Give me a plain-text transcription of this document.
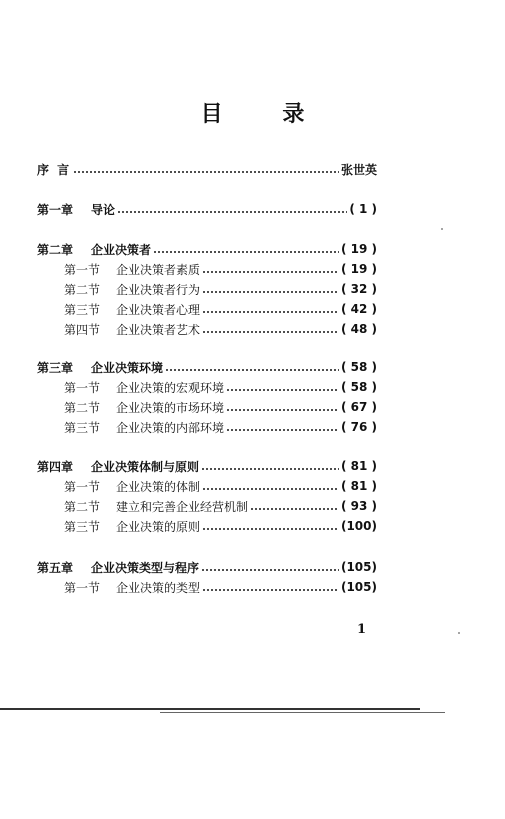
目 录
序 言	张世英
第一章	导论	( 1 )
第二章	企业决策者	( 19 )
第一节	企业决策者素质	( 19 )
第二节	企业决策者行为	( 32 )
第三节	企业决策者心理	( 42 )
第四节	企业决策者艺术	( 48 )
第三章	企业决策环境	( 58 )
第一节	企业决策的宏观环境	( 58 )
第二节	企业决策的市场环境	( 67 )
第三节	企业决策的内部环境	( 76 )
第四章	企业决策体制与原则	( 81 )
第一节	企业决策的体制	( 81 )
第二节	建立和完善企业经营机制	( 93 )
第三节	企业决策的原则	(100)
第五章	企业决策类型与程序	(105)
第一节	企业决策的类型	(105)
1
